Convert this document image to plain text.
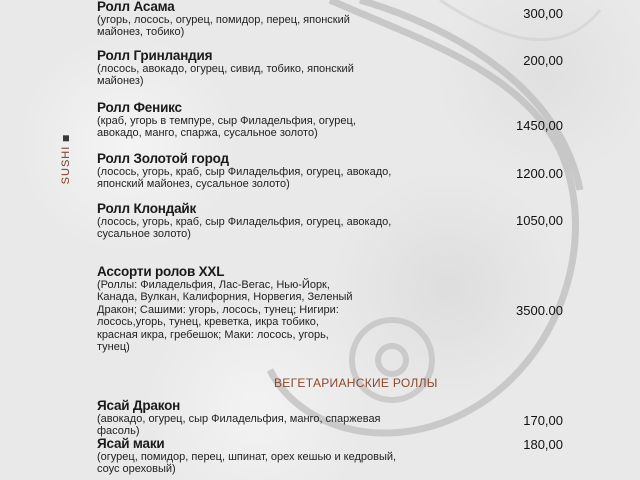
SUSHI
Ролл Асама
(угорь, лосось, огурец, помидор, перец, японский майонез, тобико)
300,00
Ролл Гринландия
(лосось, авокадо, огурец, сивид, тобико, японский майонез)
200,00
Ролл Феникс
(краб, угорь в темпуре, сыр Филадельфия, огурец, авокадо, манго, спаржа, сусальное золото)	1450,00
Ролл Золотой город
(лосось, угорь, краб, сыр Филадельфия, огурец, авокадо, японский майонез, сусальное золото)
1200.00
Ролл Клондайк
(лосось, угорь, краб, сыр Филадельфия, огурец, авокадо, сусальное золото)
1050,00
Ассорти ролов XXL
(Роллы: Филадельфия, Лас-Вегас, Нью-Йорк, Канада, Вулкан, Калифорния, Норвегия, Зеленый Дракон; Сашими: угорь, лосось, тунец; Нигири: лосось,угорь, тунец, креветка, икра тобико, красная икра, гребешок; Маки: лосось, угорь, тунец)
3500.00
ВЕГЕТАРИАНСКИЕ РОЛЛЫ
Ясай Дракон
(авокадо, огурец, сыр Филадельфия, манго, спаржевая фасоль)
170,00
Ясай маки
(огурец, помидор, перец, шпинат, орех кешью и кедровый, соус ореховый)
180,00
